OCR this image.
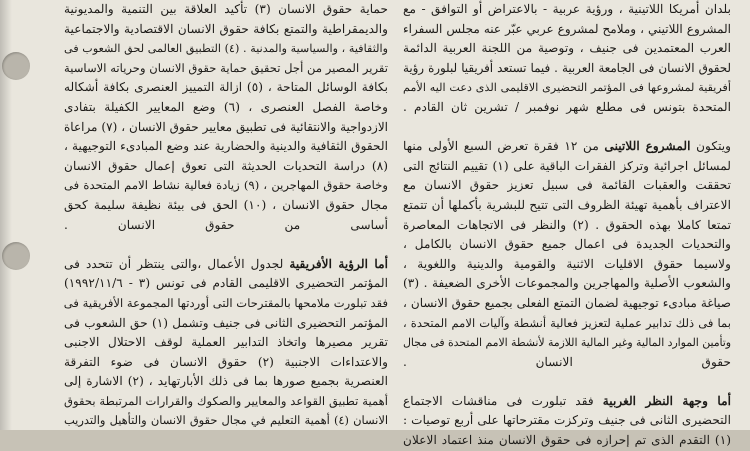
بلدان أمريكا اللاتينية ، ورؤية عربية - بالاعتراض أو التوافق - مع
المشروع اللاتيني ، وملامح لمشروع عربي عبّر عنه مجلس السفراء
العرب المعتمدين فى جنيف ، وتوصية من اللجنة العربية الدائمة
لحقوق الانسان فى الجامعة العربية . فيما تستعد أفريقيا لبلورة رؤية
أفريقية لمشروعها فى المؤتمر التحضيرى الاقليمى الذى دعت اليه الأمم
المتحدة بتونس فى مطلع شهر نوفمبر / تشرين ثان القادم .
ويتكون المشروع اللاتينى من ١٢ فقرة تعرض السبع الأولى منها
لمسائل اجرائية وتركز الفقرات الباقية على (١) تقييم النتائج التى
تحققت والعقبات القائمة فى سبيل تعزيز حقوق الانسان مع
الاعتراف بأهمية تهيئة الظروف التى تتيح للبشرية بأكملها أن تتمتع
تمتعا كاملا بهذه الحقوق . (٢) والنظر فى الاتجاهات المعاصرة
والتحديات الجديدة فى اعمال جميع حقوق الانسان بالكامل ،
ولاسيما حقوق الاقليات الاثنية والقومية والدينية واللغوية ،
والشعوب الأصلية والمهاجرين والمجموعات الأخرى الضعيفة . (٣)
صياغة مبادىء توجيهية لضمان التمتع الفعلى بجميع حقوق الانسان ،
بما فى ذلك تدابير عملية لتعزيز فعالية أنشطة وآليات الامم المتحدة ،
وتأمين الموارد المالية وغير المالية اللازمة لأنشطة الامم المتحدة فى مجال
حقوق الانسان .
أما وجهة النظر الغربية فقد تبلورت فى مناقشات الاجتماع
التحضيرى الثانى فى جنيف وتركزت مقترحاتها على أربع توصيات :
(١) التقدم الذى تم إحرازه فى حقوق الانسان منذ اعتماد الاعلان
حماية حقوق الانسان (٣) تأكيد العلاقة بين التنمية والمديونية
والديمقراطية والتمتع بكافة حقوق الانسان الاقتصادية والاجتماعية
والثقافية ، والسياسية والمدنية . (٤) التطبيق العالمى لحق الشعوب فى
تقرير المصير من أجل تحقيق حماية حقوق الانسان وحرياته الاساسية
بكافة الوسائل المتاحة ، (٥) ازالة التمييز العنصرى بكافة أشكاله
وخاصة الفصل العنصرى ، (٦) وضع المعايير الكفيلة بتفادى
الازدواجية والانتقائية فى تطبيق معايير حقوق الانسان ، (٧) مراعاة
الحقوق الثقافية والدينية والحضارية عند وضع المبادىء التوجيهية ،
(٨) دراسة التحديات الحديثة التى تعوق إعمال حقوق الانسان
وخاصة حقوق المهاجرين ، (٩) زيادة فعالية نشاط الامم المتحدة فى
مجال حقوق الانسان ، (١٠) الحق فى بيئة نظيفة سليمة كحق
أساسى من حقوق الانسان .
أما الرؤية الأفريقية لجدول الأعمال ،والتى ينتظر أن تتحدد فى
المؤتمر التحضيرى الاقليمى القادم فى تونس (٣ - ١٩٩٢/١١/٦)
فقد تبلورت ملامحها بالمقترحات التى أوردتها المجموعة الأفريقية فى
المؤتمر التحضيرى الثانى فى جنيف وتشمل (١) حق الشعوب فى
تقرير مصيرها واتخاذ التدابير العملية لوقف الاحتلال الاجنبى
والاعتداءات الاجنبية (٢) حقوق الانسان فى ضوء التفرقة
العنصرية بجميع صورها بما فى ذلك الأبارتهايد ، (٢) الاشارة إلى
أهمية تطبيق القواعد والمعايير والصكوك والقرارات المرتبطة بحقوق
الانسان (٤) أهمية التعليم في مجال حقوق الانسان والتأهيل والتدريب
